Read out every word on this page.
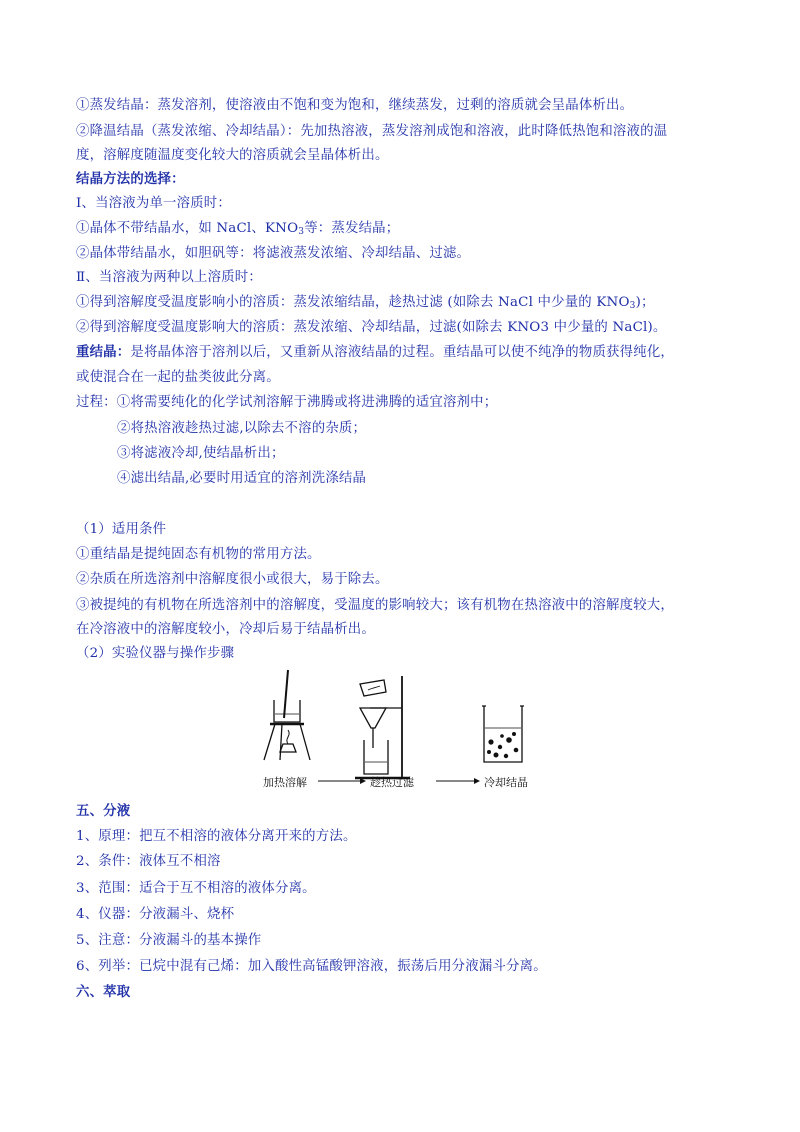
①蒸发结晶：蒸发溶剂，使溶液由不饱和变为饱和，继续蒸发，过剩的溶质就会呈晶体析出。
②降温结晶（蒸发浓缩、冷却结晶）：先加热溶液，蒸发溶剂成饱和溶液，此时降低热饱和溶液的温
度，溶解度随温度变化较大的溶质就会呈晶体析出。
结晶方法的选择：
Ⅰ、当溶液为单一溶质时：
①晶体不带结晶水，如 NaCl、$KNO_3$等：蒸发结晶；
②晶体带结晶水，如胆矾等：将滤液蒸发浓缩、冷却结晶、过滤。
Ⅱ、当溶液为两种以上溶质时：
①得到溶解度受温度影响小的溶质：蒸发浓缩结晶，趁热过滤 (如除去 NaCl 中少量的 $KNO_3$)；
②得到溶解度受温度影响大的溶质：蒸发浓缩、冷却结晶，过滤(如除去 KNO3 中少量的 NaCl)。
重结晶：是将晶体溶于溶剂以后，又重新从溶液结晶的过程。重结晶可以使不纯净的物质获得纯化，
或使混合在一起的盐类彼此分离。
过程：①将需要纯化的化学试剂溶解于沸腾或将进沸腾的适宜溶剂中；
②将热溶液趁热过滤,以除去不溶的杂质；
③将滤液冷却,使结晶析出；
④滤出结晶,必要时用适宜的溶剂洗涤结晶
（1）适用条件
①重结晶是提纯固态有机物的常用方法。
②杂质在所选溶剂中溶解度很小或很大，易于除去。
③被提纯的有机物在所选溶剂中的溶解度，受温度的影响较大；该有机物在热溶液中的溶解度较大，
在冷溶液中的溶解度较小，冷却后易于结晶析出。
（2）实验仪器与操作步骤
加热溶解	趁热过滤	冷却结晶
五、分液
1、原理：把互不相溶的液体分离开来的方法。
2、条件：液体互不相溶
3、范围：适合于互不相溶的液体分离。
4、仪器：分液漏斗、烧杯
5、注意：分液漏斗的基本操作
6、列举：已烷中混有己烯：加入酸性高锰酸钾溶液，振荡后用分液漏斗分离。
六、萃取
